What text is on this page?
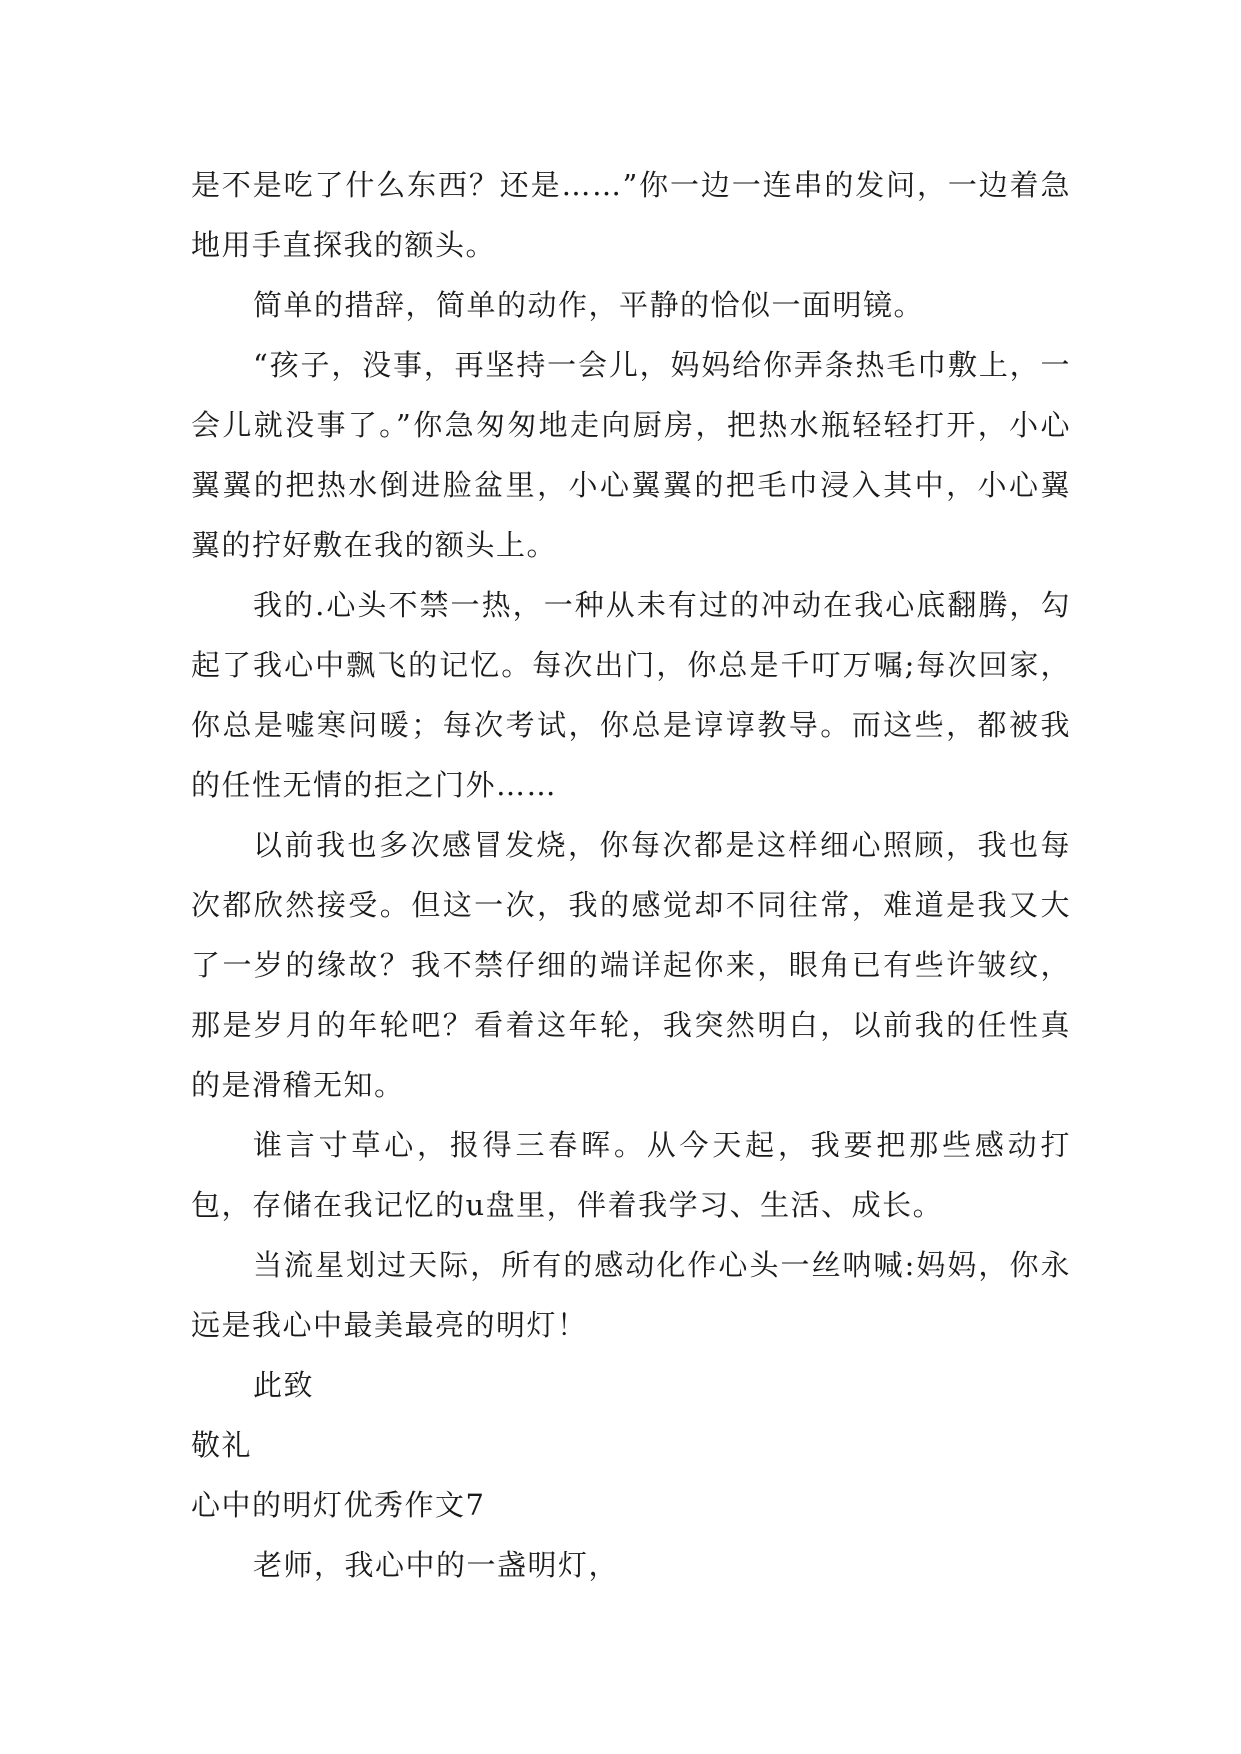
是不是吃了什么东西？还是……”你一边一连串的发问，一边着急地用手直探我的额头。

简单的措辞，简单的动作，平静的恰似一面明镜。

“孩子，没事，再坚持一会儿，妈妈给你弄条热毛巾敷上，一会儿就没事了。”你急匆匆地走向厨房，把热水瓶轻轻打开，小心翼翼的把热水倒进脸盆里，小心翼翼的把毛巾浸入其中，小心翼翼的拧好敷在我的额头上。

我的.心头不禁一热，一种从未有过的冲动在我心底翻腾，勾起了我心中飘飞的记忆。每次出门，你总是千叮万嘱;每次回家，你总是嘘寒问暖；每次考试，你总是谆谆教导。而这些，都被我的任性无情的拒之门外……

以前我也多次感冒发烧，你每次都是这样细心照顾，我也每次都欣然接受。但这一次，我的感觉却不同往常，难道是我又大了一岁的缘故？我不禁仔细的端详起你来，眼角已有些许皱纹，那是岁月的年轮吧？看着这年轮，我突然明白，以前我的任性真的是滑稽无知。

谁言寸草心，报得三春晖。从今天起，我要把那些感动打包，存储在我记忆的u盘里，伴着我学习、生活、成长。

当流星划过天际，所有的感动化作心头一丝呐喊:妈妈，你永远是我心中最美最亮的明灯！

此致

敬礼

心中的明灯优秀作文7

老师，我心中的一盏明灯，
